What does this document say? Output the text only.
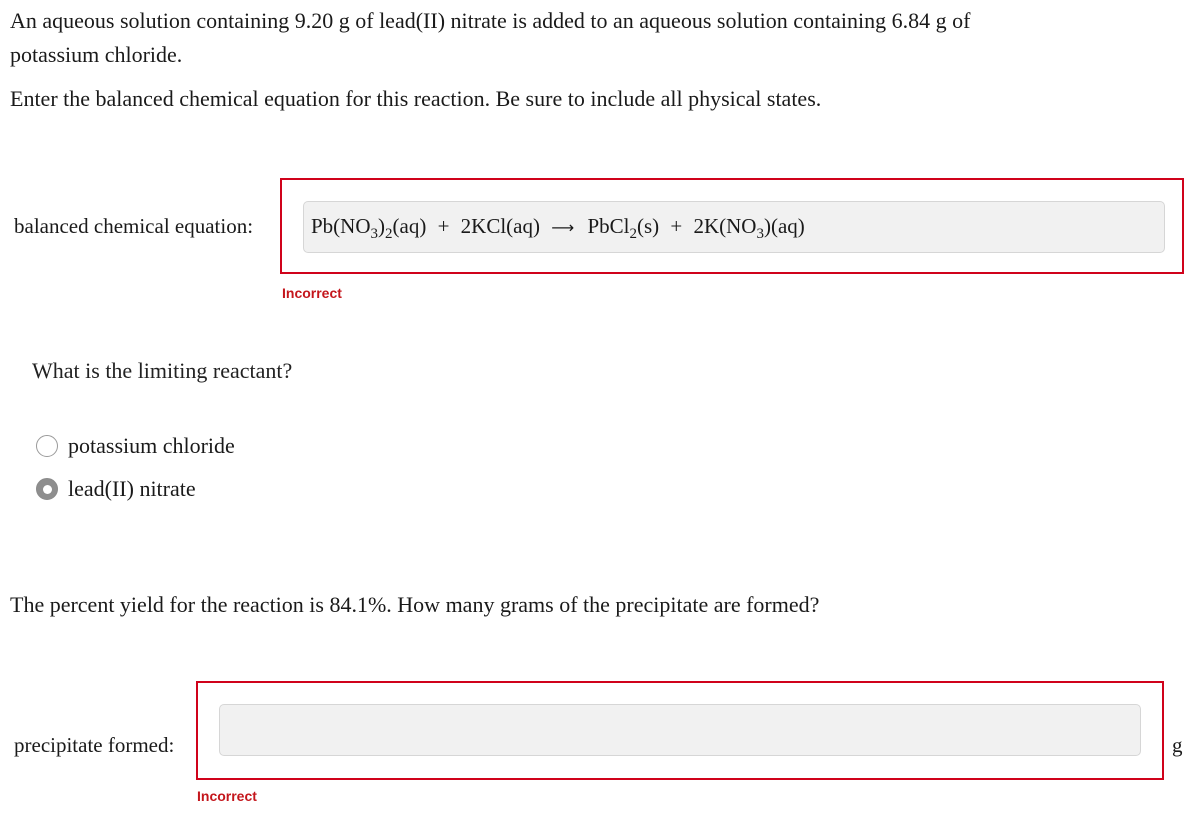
An aqueous solution containing 9.20 g of lead(II) nitrate is added to an aqueous solution containing 6.84 g of potassium chloride.
Enter the balanced chemical equation for this reaction. Be sure to include all physical states.
balanced chemical equation:	$Pb(NO_3)_2(aq) + 2KCl(aq)$ ⟶ PbCl$_2$(s) + $2K(NO_3)(aq)$
Incorrect
What is the limiting reactant?
potassium chloride
lead(II) nitrate
The percent yield for the reaction is 84.1%. How many grams of the precipitate are formed?
precipitate formed:	g
Incorrect
